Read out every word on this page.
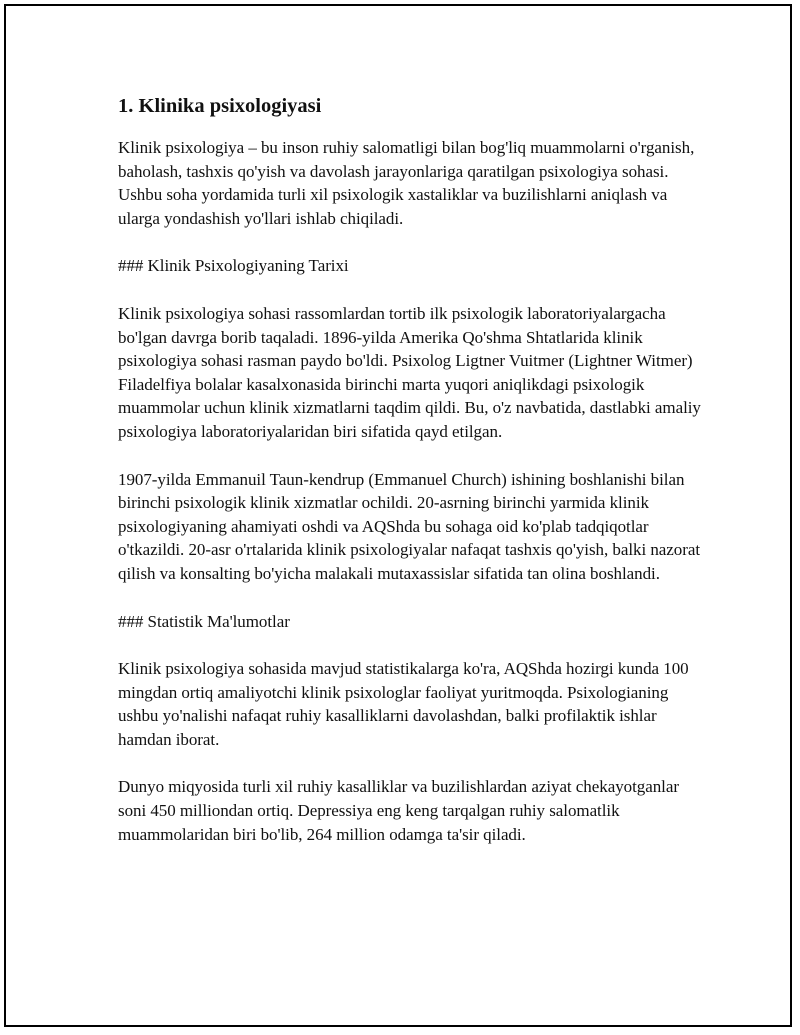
1. Klinika psixologiyasi

Klinik psixologiya – bu inson ruhiy salomatligi bilan bog'liq muammolarni o'rganish, baholash, tashxis qo'yish va davolash jarayonlariga qaratilgan psixologiya sohasi. Ushbu soha yordamida turli xil psixologik xastaliklar va buzilishlarni aniqlash va ularga yondashish yo'llari ishlab chiqiladi.

### Klinik Psixologiyaning Tarixi

Klinik psixologiya sohasi rassomlardan tortib ilk psixologik laboratoriyalargacha bo'lgan davrga borib taqaladi. 1896-yilda Amerika Qo'shma Shtatlarida klinik psixologiya sohasi rasman paydo bo'ldi. Psixolog Ligtner Vuitmer (Lightner Witmer) Filadelfiya bolalar kasalxonasida birinchi marta yuqori aniqlikdagi psixologik muammolar uchun klinik xizmatlarni taqdim qildi. Bu, o'z navbatida, dastlabki amaliy psixologiya laboratoriyalaridan biri sifatida qayd etilgan.

1907-yilda Emmanuil Taun-kendrup (Emmanuel Church) ishining boshlanishi bilan birinchi psixologik klinik xizmatlar ochildi. 20-asrning birinchi yarmida klinik psixologiyaning ahamiyati oshdi va AQShda bu sohaga oid ko'plab tadqiqotlar o'tkazildi. 20-asr o'rtalarida klinik psixologiyalar nafaqat tashxis qo'yish, balki nazorat qilish va konsalting bo'yicha malakali mutaxassislar sifatida tan olina boshlandi.

### Statistik Ma'lumotlar

Klinik psixologiya sohasida mavjud statistikalarga ko'ra, AQShda hozirgi kunda 100 mingdan ortiq amaliyotchi klinik psixologlar faoliyat yuritmoqda. Psixologianing ushbu yo'nalishi nafaqat ruhiy kasalliklarni davolashdan, balki profilaktik ishlar hamdan iborat.

Dunyo miqyosida turli xil ruhiy kasalliklar va buzilishlardan aziyat chekayotganlar soni 450 milliondan ortiq. Depressiya eng keng tarqalgan ruhiy salomatlik muammolaridan biri bo'lib, 264 million odamga ta'sir qiladi.
